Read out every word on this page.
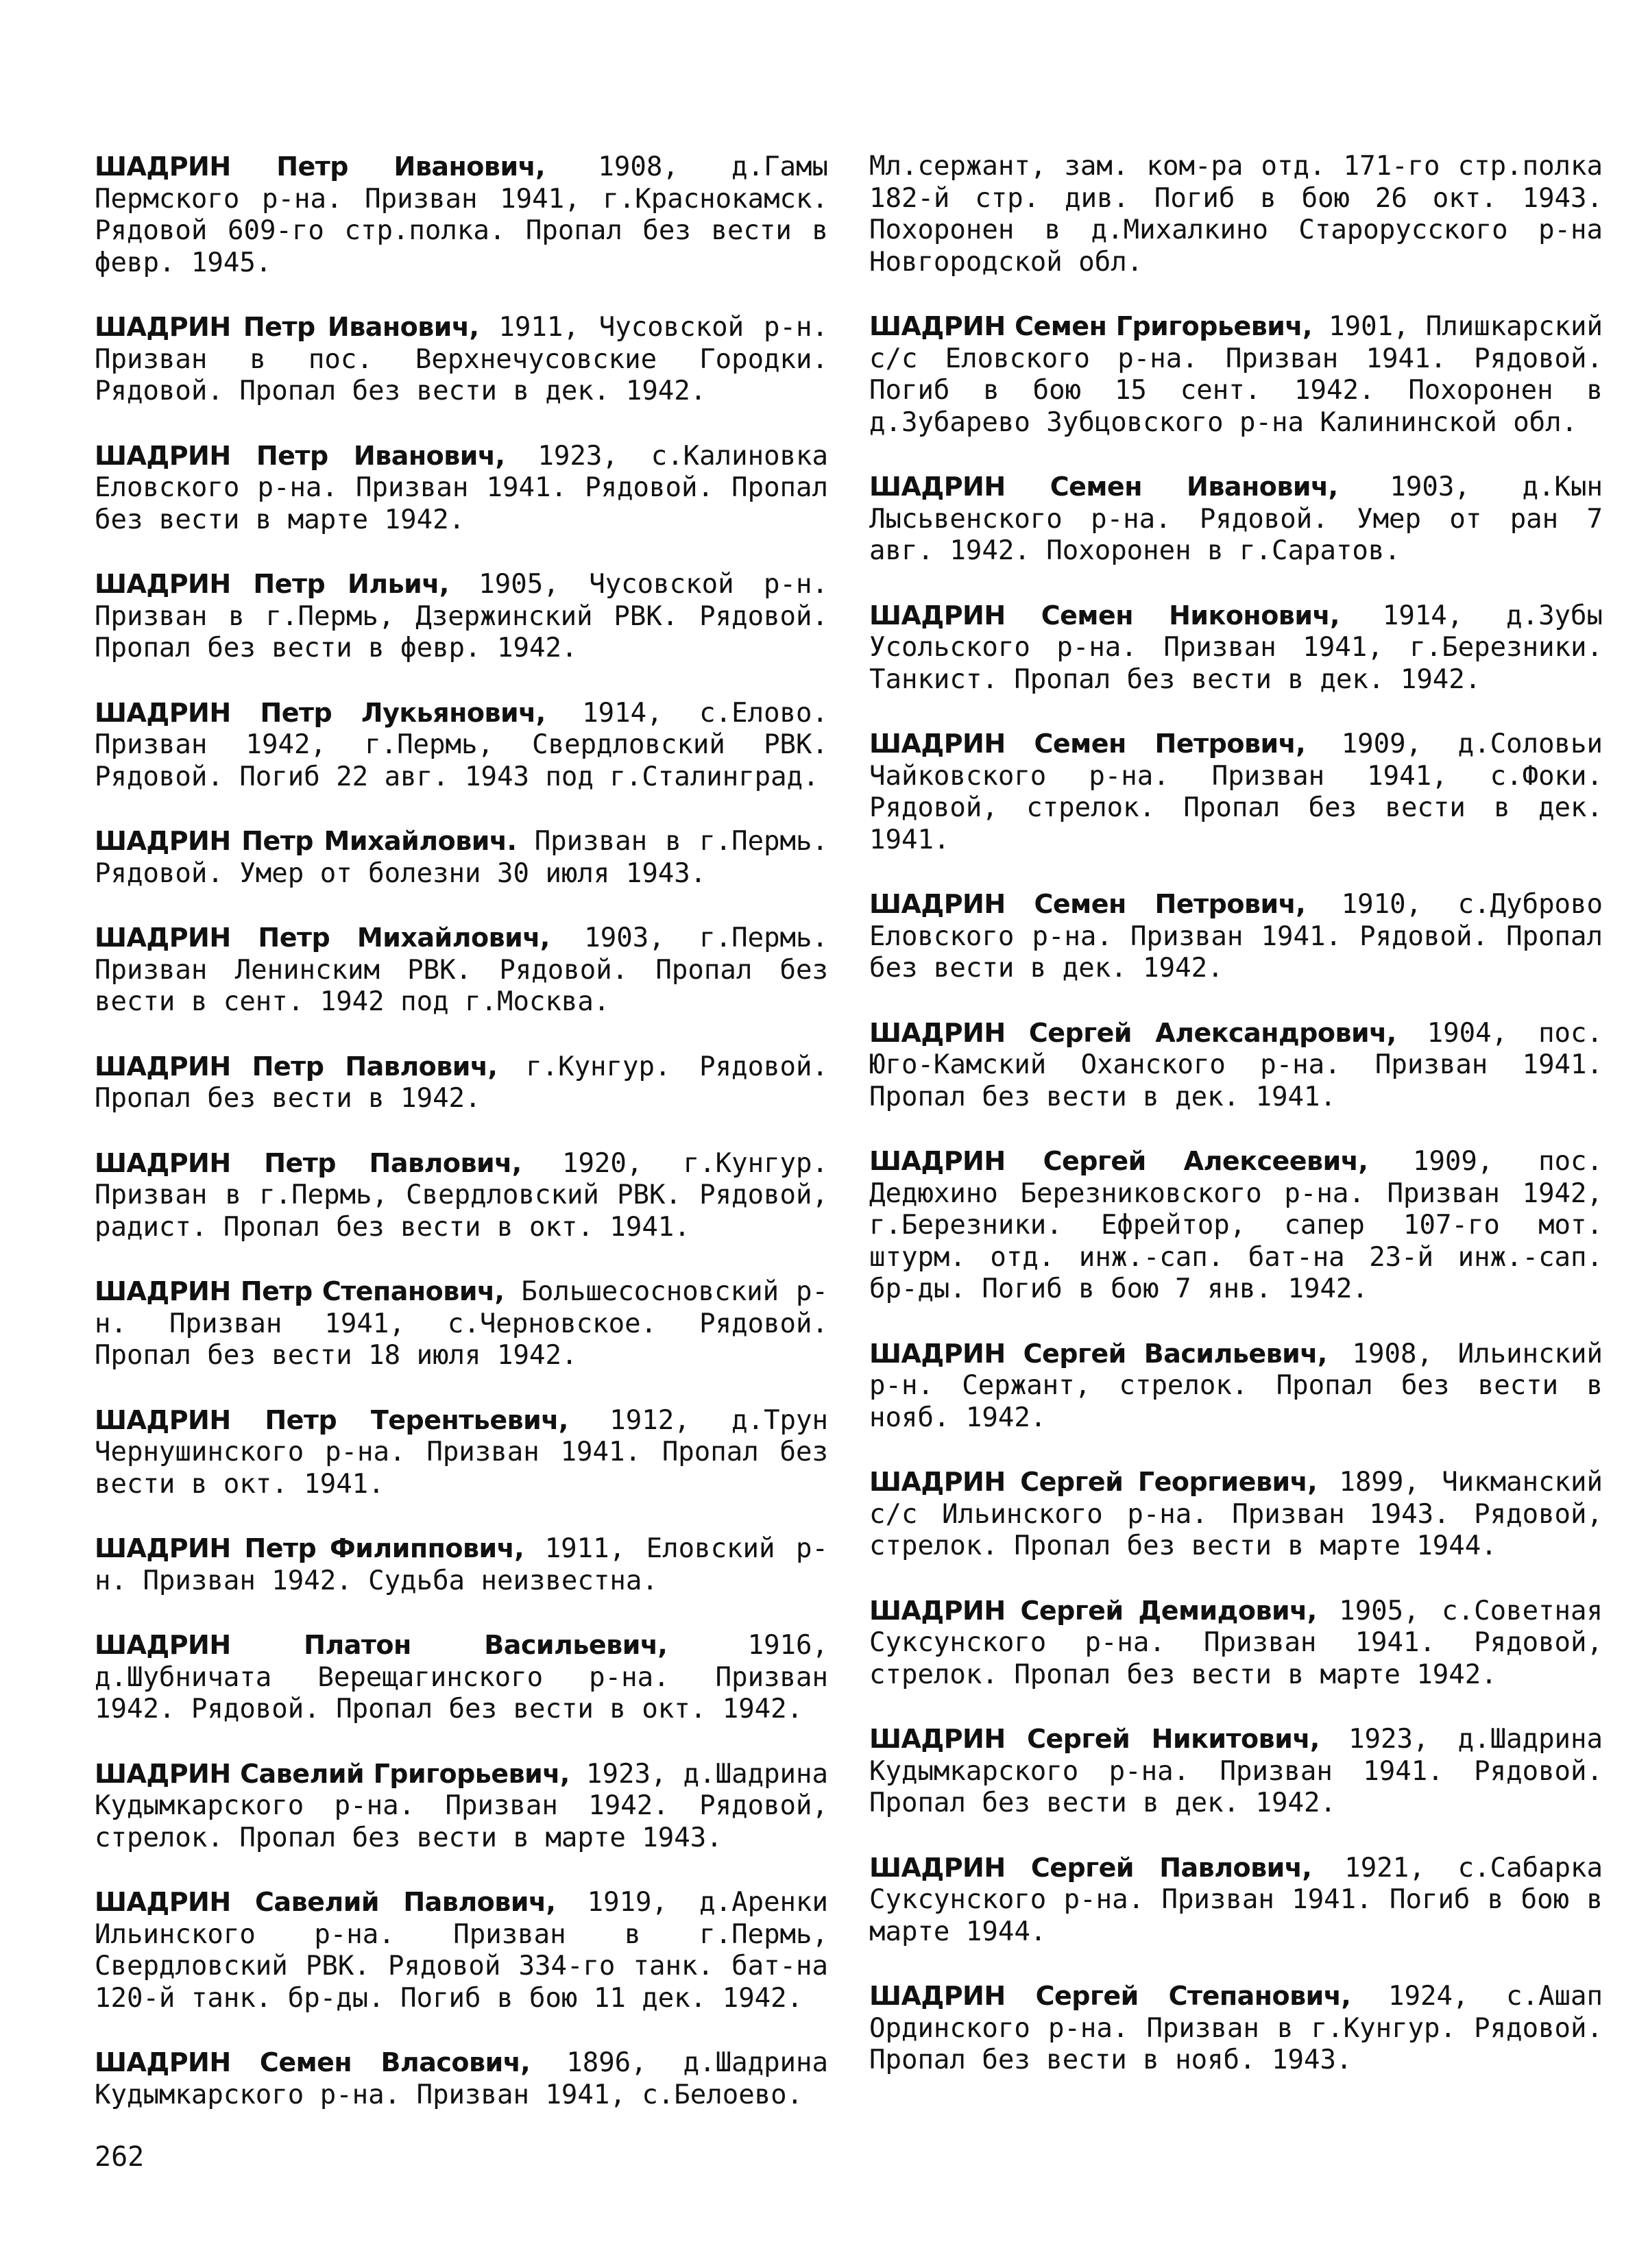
ШАДРИН Петр Иванович, 1908, д.Гамы Пермского р-на. Призван 1941, г.Краснокамск. Рядовой 609-го стр.полка. Пропал без вести в февр. 1945.

ШАДРИН Петр Иванович, 1911, Чусовской р-н. Призван в пос. Верхнечусовские Городки. Рядовой. Пропал без вести в дек. 1942.

ШАДРИН Петр Иванович, 1923, с.Калиновка Еловского р-на. Призван 1941. Рядовой. Пропал без вести в марте 1942.

ШАДРИН Петр Ильич, 1905, Чусовской р-н. Призван в г.Пермь, Дзержинский РВК. Рядовой. Пропал без вести в февр. 1942.

ШАДРИН Петр Лукьянович, 1914, с.Елово. Призван 1942, г.Пермь, Свердловский РВК. Рядовой. Погиб 22 авг. 1943 под г.Сталинград.

ШАДРИН Петр Михайлович. Призван в г.Пермь. Рядовой. Умер от болезни 30 июля 1943.

ШАДРИН Петр Михайлович, 1903, г.Пермь. Призван Ленинским РВК. Рядовой. Пропал без вести в сент. 1942 под г.Москва.

ШАДРИН Петр Павлович, г.Кунгур. Рядовой. Пропал без вести в 1942.

ШАДРИН Петр Павлович, 1920, г.Кунгур. Призван в г.Пермь, Свердловский РВК. Рядовой, радист. Пропал без вести в окт. 1941.

ШАДРИН Петр Степанович, Большесосновский р-н. Призван 1941, с.Черновское. Рядовой. Пропал без вести 18 июля 1942.

ШАДРИН Петр Терентьевич, 1912, д.Трун Чернушинского р-на. Призван 1941. Пропал без вести в окт. 1941.

ШАДРИН Петр Филиппович, 1911, Еловский р-н. Призван 1942. Судьба неизвестна.

ШАДРИН Платон Васильевич, 1916, д.Шубничата Верещагинского р-на. Призван 1942. Рядовой. Пропал без вести в окт. 1942.

ШАДРИН Савелий Григорьевич, 1923, д.Шадрина Кудымкарского р-на. Призван 1942. Рядовой, стрелок. Пропал без вести в марте 1943.

ШАДРИН Савелий Павлович, 1919, д.Аренки Ильинского р-на. Призван в г.Пермь, Свердловский РВК. Рядовой 334-го танк. бат-на 120-й танк. бр-ды. Погиб в бою 11 дек. 1942.

ШАДРИН Семен Власович, 1896, д.Шадрина Кудымкарского р-на. Призван 1941, с.Белоево.

Мл.сержант, зам. ком-ра отд. 171-го стр.полка 182-й стр. див. Погиб в бою 26 окт. 1943. Похоронен в д.Михалкино Старорусского р-на Новгородской обл.

ШАДРИН Семен Григорьевич, 1901, Плишкарский с/с Еловского р-на. Призван 1941. Рядовой. Погиб в бою 15 сент. 1942. Похоронен в д.Зубарево Зубцовского р-на Калининской обл.

ШАДРИН Семен Иванович, 1903, д.Кын Лысьвенского р-на. Рядовой. Умер от ран 7 авг. 1942. Похоронен в г.Саратов.

ШАДРИН Семен Никонович, 1914, д.Зубы Усольского р-на. Призван 1941, г.Березники. Танкист. Пропал без вести в дек. 1942.

ШАДРИН Семен Петрович, 1909, д.Соловьи Чайковского р-на. Призван 1941, с.Фоки. Рядовой, стрелок. Пропал без вести в дек. 1941.

ШАДРИН Семен Петрович, 1910, с.Дуброво Еловского р-на. Призван 1941. Рядовой. Пропал без вести в дек. 1942.

ШАДРИН Сергей Александрович, 1904, пос. Юго-Камский Оханского р-на. Призван 1941. Пропал без вести в дек. 1941.

ШАДРИН Сергей Алексеевич, 1909, пос. Дедюхино Березниковского р-на. Призван 1942, г.Березники. Ефрейтор, сапер 107-го мот. штурм. отд. инж.-сап. бат-на 23-й инж.-сап. бр-ды. Погиб в бою 7 янв. 1942.

ШАДРИН Сергей Васильевич, 1908, Ильинский р-н. Сержант, стрелок. Пропал без вести в нояб. 1942.

ШАДРИН Сергей Георгиевич, 1899, Чикманский с/с Ильинского р-на. Призван 1943. Рядовой, стрелок. Пропал без вести в марте 1944.

ШАДРИН Сергей Демидович, 1905, с.Советная Суксунского р-на. Призван 1941. Рядовой, стрелок. Пропал без вести в марте 1942.

ШАДРИН Сергей Никитович, 1923, д.Шадрина Кудымкарского р-на. Призван 1941. Рядовой. Пропал без вести в дек. 1942.

ШАДРИН Сергей Павлович, 1921, с.Сабарка Суксунского р-на. Призван 1941. Погиб в бою в марте 1944.

ШАДРИН Сергей Степанович, 1924, с.Ашап Ординского р-на. Призван в г.Кунгур. Рядовой. Пропал без вести в нояб. 1943.

262
